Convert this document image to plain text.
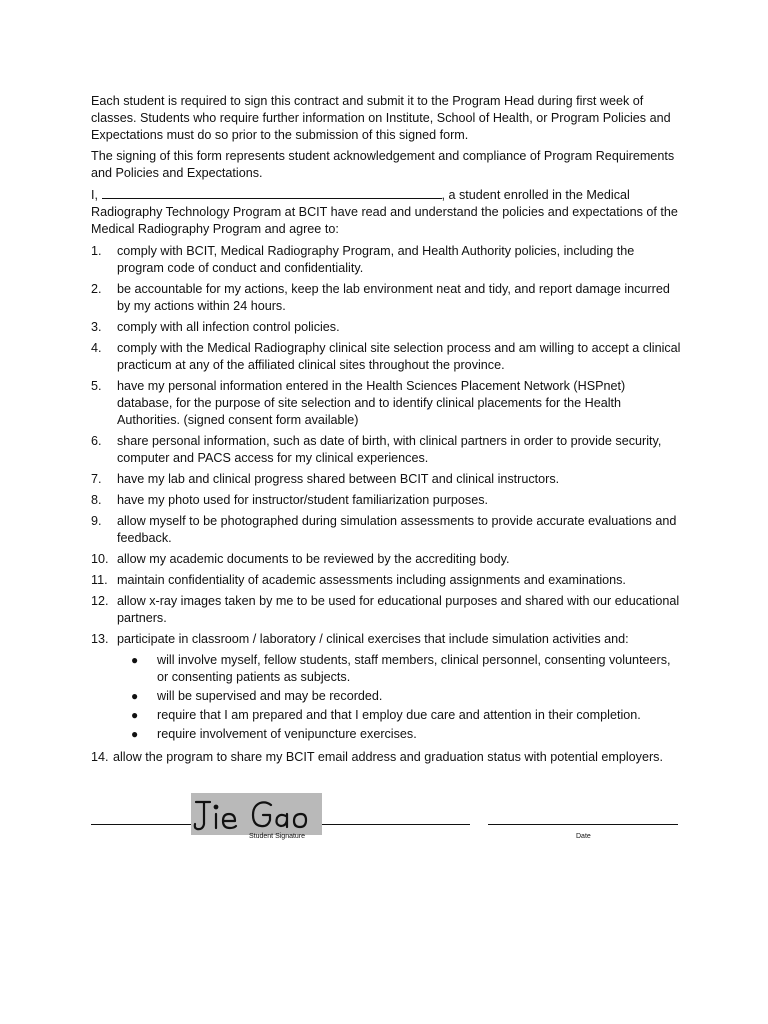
Each student is required to sign this contract and submit it to the Program Head during first week of classes. Students who require further information on Institute, School of Health, or Program Policies and Expectations must do so prior to the submission of this signed form.

The signing of this form represents student acknowledgement and compliance of Program Requirements and Policies and Expectations.

I,	, a student enrolled in the Medical Radiography Technology Program at BCIT have read and understand the policies and expectations of the Medical Radiography Program and agree to:

1.	comply with BCIT, Medical Radiography Program, and Health Authority policies, including the program code of conduct and confidentiality.
2.	be accountable for my actions, keep the lab environment neat and tidy, and report damage incurred by my actions within 24 hours.
3.	comply with all infection control policies.
4.	comply with the Medical Radiography clinical site selection process and am willing to accept a clinical practicum at any of the affiliated clinical sites throughout the province.
5.	have my personal information entered in the Health Sciences Placement Network (HSPnet) database, for the purpose of site selection and to identify clinical placements for the Health Authorities. (signed consent form available)
6.	share personal information, such as date of birth, with clinical partners in order to provide security, computer and PACS access for my clinical experiences.
7.	have my lab and clinical progress shared between BCIT and clinical instructors.
8.	have my photo used for instructor/student familiarization purposes.
9.	allow myself to be photographed during simulation assessments to provide accurate evaluations and feedback.
10. allow my academic documents to be reviewed by the accrediting body.
11. maintain confidentiality of academic assessments including assignments and examinations.
12. allow x-ray images taken by me to be used for educational purposes and shared with our educational partners.
13. participate in classroom / laboratory / clinical exercises that include simulation activities and:
●	will involve myself, fellow students, staff members, clinical personnel, consenting volunteers, or consenting patients as subjects.
●	will be supervised and may be recorded.
●	require that I am prepared and that I employ due care and attention in their completion.
●	require involvement of venipuncture exercises.
14. allow the program to share my BCIT email address and graduation status with potential employers.
Student Signature	Date
